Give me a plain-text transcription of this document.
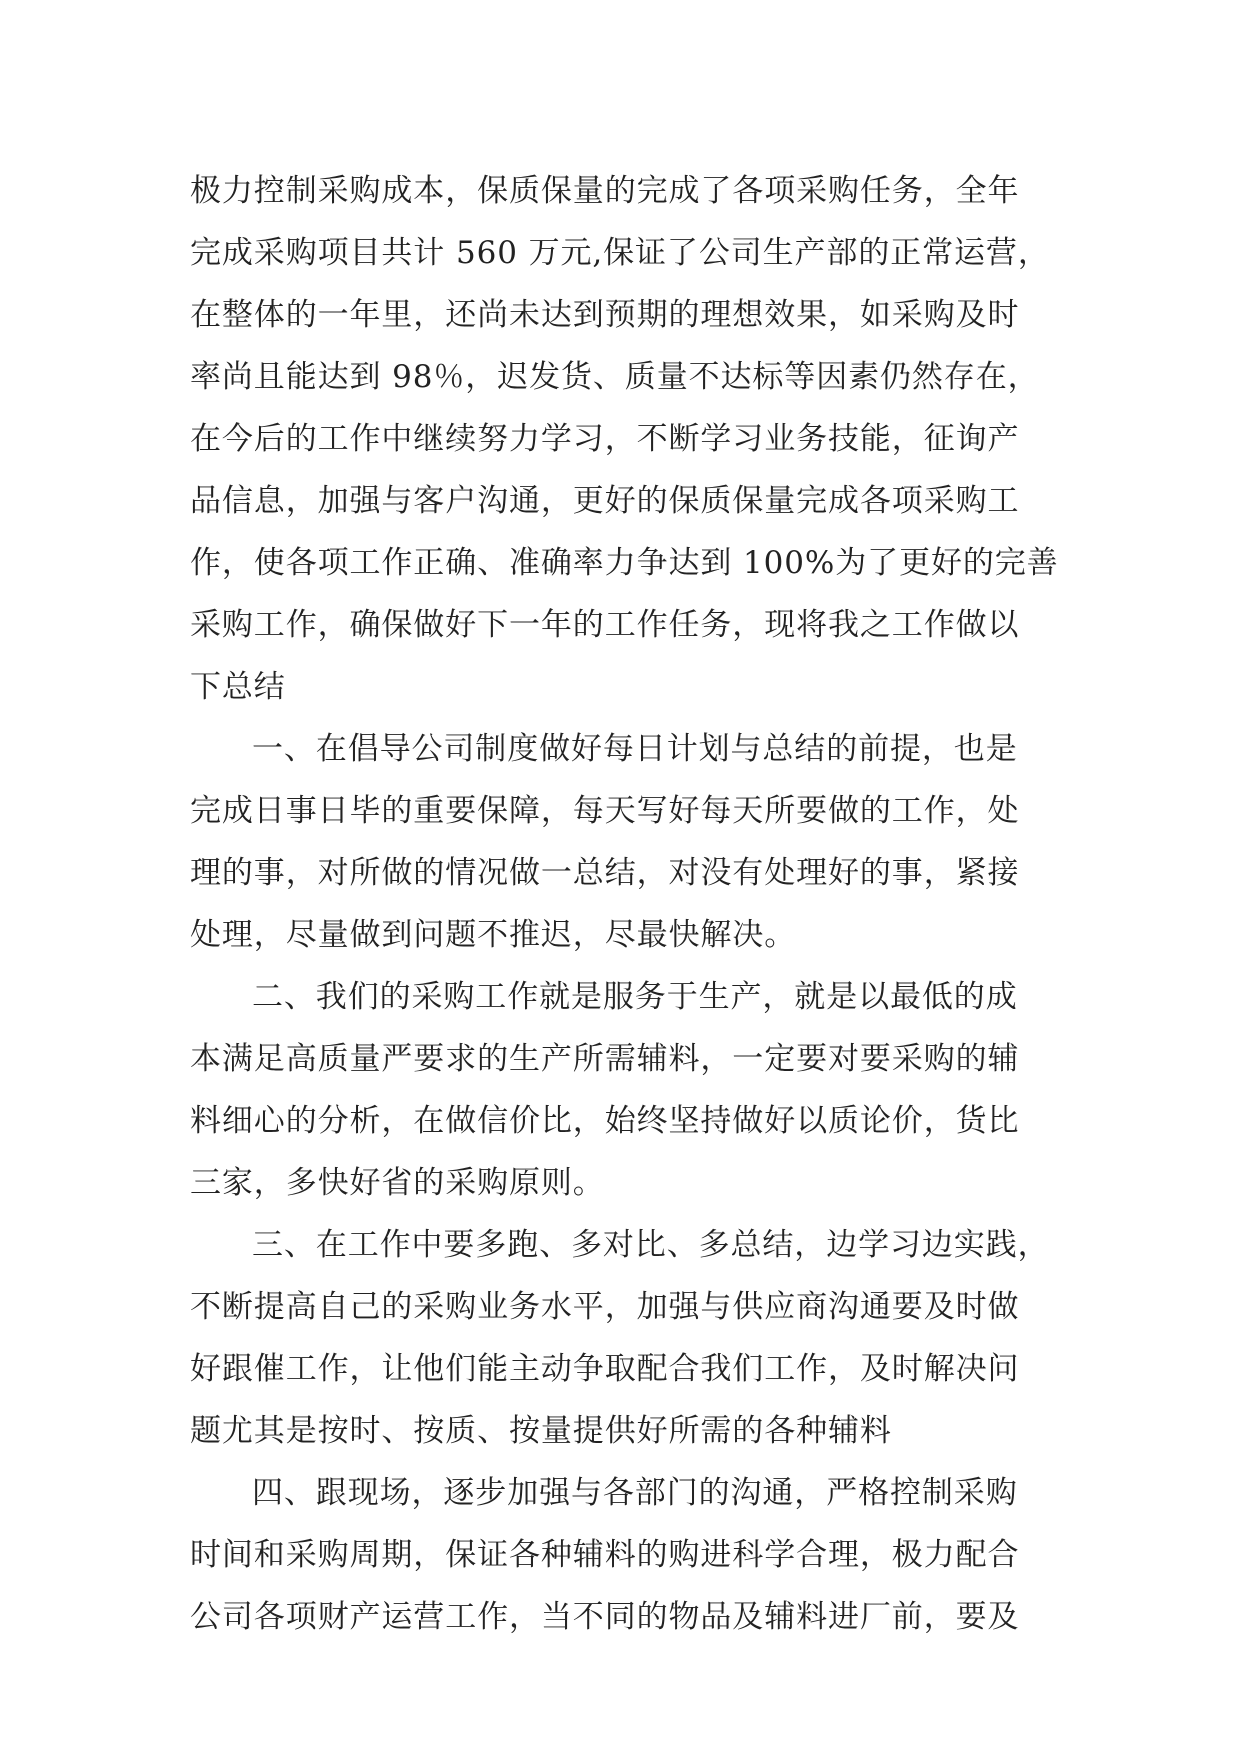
极力控制采购成本，保质保量的完成了各项采购任务，全年
完成采购项目共计 560 万元,保证了公司生产部的正常运营，
在整体的一年里，还尚未达到预期的理想效果，如采购及时
率尚且能达到 98％，迟发货、质量不达标等因素仍然存在，
在今后的工作中继续努力学习，不断学习业务技能，征询产
品信息，加强与客户沟通，更好的保质保量完成各项采购工
作，使各项工作正确、准确率力争达到 100%为了更好的完善
采购工作，确保做好下一年的工作任务，现将我之工作做以
下总结
一、在倡导公司制度做好每日计划与总结的前提，也是
完成日事日毕的重要保障，每天写好每天所要做的工作，处
理的事，对所做的情况做一总结，对没有处理好的事，紧接
处理，尽量做到问题不推迟，尽最快解决。
二、我们的采购工作就是服务于生产，就是以最低的成
本满足高质量严要求的生产所需辅料，一定要对要采购的辅
料细心的分析，在做信价比，始终坚持做好以质论价，货比
三家，多快好省的采购原则。
三、在工作中要多跑、多对比、多总结，边学习边实践，
不断提高自己的采购业务水平，加强与供应商沟通要及时做
好跟催工作，让他们能主动争取配合我们工作，及时解决问
题尤其是按时、按质、按量提供好所需的各种辅料
四、跟现场，逐步加强与各部门的沟通，严格控制采购
时间和采购周期，保证各种辅料的购进科学合理，极力配合
公司各项财产运营工作，当不同的物品及辅料进厂前，要及
